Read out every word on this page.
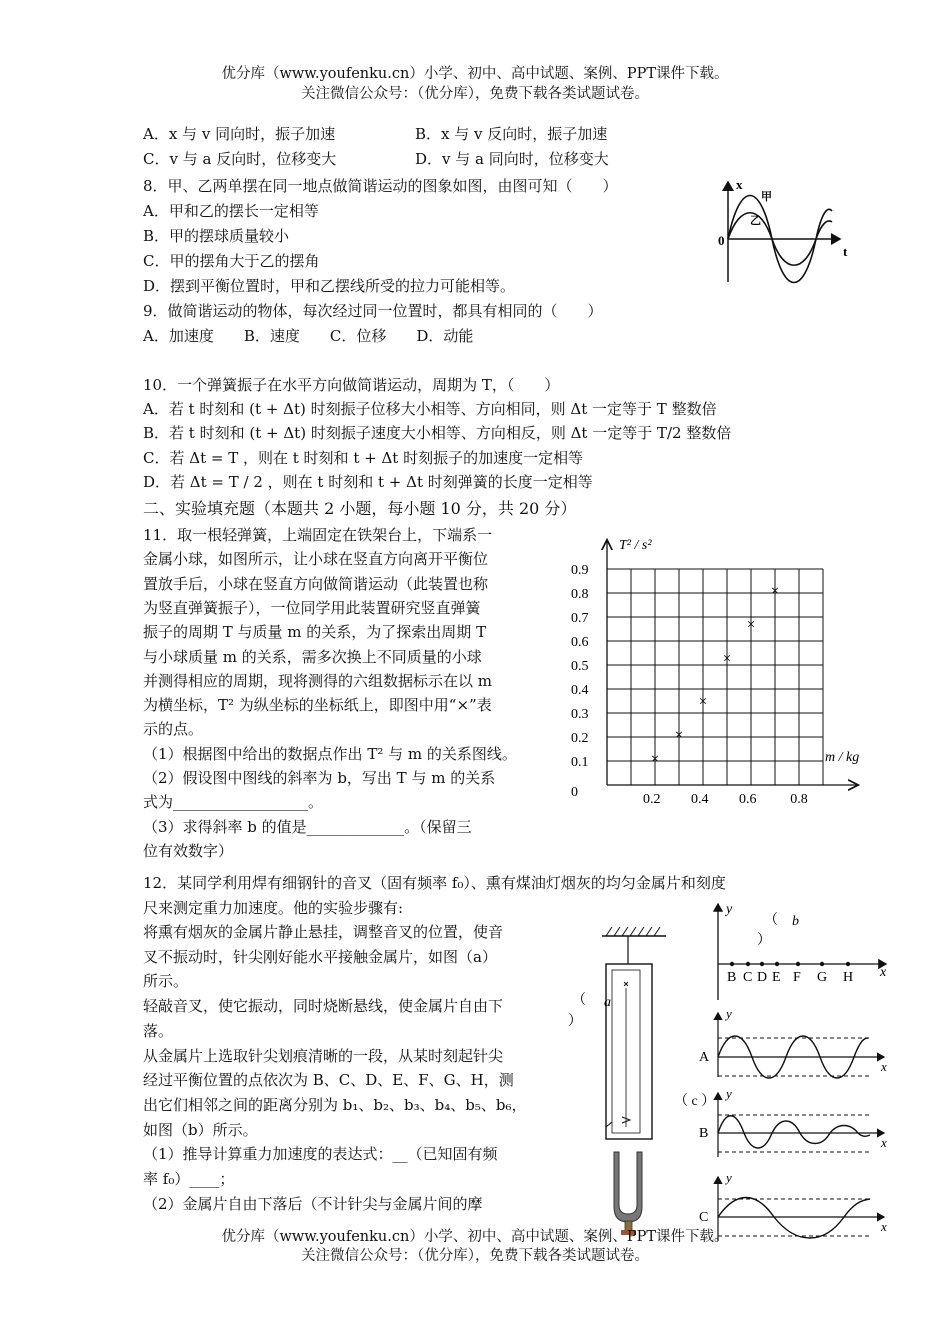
优分库（www.youfenku.cn）小学、初中、高中试题、案例、PPT课件下载。
关注微信公众号：（优分库），免费下载各类试题试卷。
A．x 与 v 同向时，振子加速	B．x 与 v 反向时，振子加速
C．v 与 a 反向时，位移变大	D．v 与 a 同向时，位移变大
8．甲、乙两单摆在同一地点做简谐运动的图象如图，由图可知（　　）
A．甲和乙的摆长一定相等
B．甲的摆球质量较小
C．甲的摆角大于乙的摆角
D．摆到平衡位置时，甲和乙摆线所受的拉力可能相等。
x
0
t
甲
乙
9．做简谐运动的物体，每次经过同一位置时，都具有相同的（　　）
A．加速度　　B．速度　　C．位移　　D．动能
10．一个弹簧振子在水平方向做简谐运动，周期为 T，（　　）
A．若 t 时刻和 (t + Δt) 时刻振子位移大小相等、方向相同，则 Δt 一定等于 T 整数倍
B．若 t 时刻和 (t + Δt) 时刻振子速度大小相等、方向相反，则 Δt 一定等于 T/2 整数倍
C．若 Δt = T ，则在 t 时刻和 t + Δt 时刻振子的加速度一定相等
D．若 Δt = T / 2 ，则在 t 时刻和 t + Δt 时刻弹簧的长度一定相等
二、实验填充题（本题共 2 小题，每小题 10 分，共 20 分）
11．取一根轻弹簧，上端固定在铁架台上，下端系一
金属小球，如图所示，让小球在竖直方向离开平衡位
置放手后，小球在竖直方向做简谐运动（此装置也称
为竖直弹簧振子），一位同学用此装置研究竖直弹簧
振子的周期 T 与质量 m 的关系，为了探索出周期 T
与小球质量 m 的关系，需多次换上不同质量的小球
并测得相应的周期，现将测得的六组数据标示在以 m
为横坐标，T² 为纵坐标的坐标纸上，即图中用“×”表
示的点。
（1）根据图中给出的数据点作出 T² 与 m 的关系图线。
（2）假设图中图线的斜率为 b，写出 T 与 m 的关系
式为__________________。
（3）求得斜率 b 的值是_____________。（保留三
位有效数字）
0.9
0.8
0.7
0.6
0.5
0.4
0.3
0.2
0.1
0	0.2 0.4 0.6 0.8
T² / s²
m / kg
×
×
×
×
×
×
12．某同学利用焊有细钢针的音叉（固有频率 f₀）、熏有煤油灯烟灰的均匀金属片和刻度
尺来测定重力加速度。他的实验步骤有:
将熏有烟灰的金属片静止悬挂，调整音叉的位置，使音
叉不振动时，针尖刚好能水平接触金属片，如图（a）
所示。
轻敲音叉，使它振动，同时烧断悬线，使金属片自由下
落。
从金属片上选取针尖划痕清晰的一段，从某时刻起针尖
经过平衡位置的点依次为 B、C、D、E、F、G、H，测
出它们相邻之间的距离分别为 b₁、b₂、b₃、b₄、b₅、b₆，
如图（b）所示。
（1）推导计算重力加速度的表达式：__（已知固有频
率 f₀）____；
（2）金属片自由下落后（不计针尖与金属片间的摩
（ a
）
y
x
（ b
）
B C D E F G H
y
x
A
y
x
B
y
x
C
（ c ）
优分库（www.youfenku.cn）小学、初中、高中试题、案例、PPT课件下载。
关注微信公众号：（优分库），免费下载各类试题试卷。
